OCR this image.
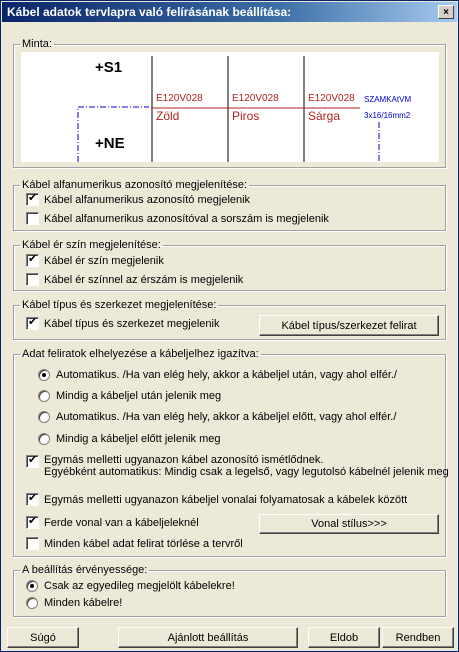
Kábel adatok tervlapra való felírásának beállítása:	×
Minta:
+S1
+NE
E120V028	E120V028	E120V028
Zöld	Piros	Sárga
SZAMKAtVM
3x16/16mm2
Kábel alfanumerikus azonosító megjelenítése:
✔
Kábel alfanumerikus azonosító megjelenik
Kábel alfanumerikus azonosítóval a sorszám is megjelenik
Kábel ér szín megjelenítése:
✔
Kábel ér szín megjelenik
Kábel ér színnel az érszám is megjelenik
Kábel típus és szerkezet megjelenítése:
✔
Kábel típus és szerkezet megjelenik	Kábel típus/szerkezet felirat
Adat feliratok elhelyezése a kábeljelhez igazítva:
Automatikus. /Ha van elég hely, akkor a kábeljel után, vagy ahol elfér./
Mindig a kábeljel után jelenik meg
Automatikus. /Ha van elég hely, akkor a kábeljel előtt, vagy ahol elfér./
Mindig a kábeljel előtt jelenik meg
✔
Egymás melletti ugyanazon kábel azonosító ismétlődnek.
Egyébként automatikus: Mindig csak a legelső, vagy legutolsó kábelnél jelenik meg
✔
Egymás melletti ugyanazon kábeljel vonalai folyamatosak a kábelek között
✔
Ferde vonal van a kábeljeleknél	Vonal stílus>>>
Minden kábel adat felirat törlése a tervről
A beállítás érvényessége:
Csak az egyedileg megjelölt kábelekre!
Minden kábelre!
Súgó	Ajánlott beállítás	Eldob	Rendben
